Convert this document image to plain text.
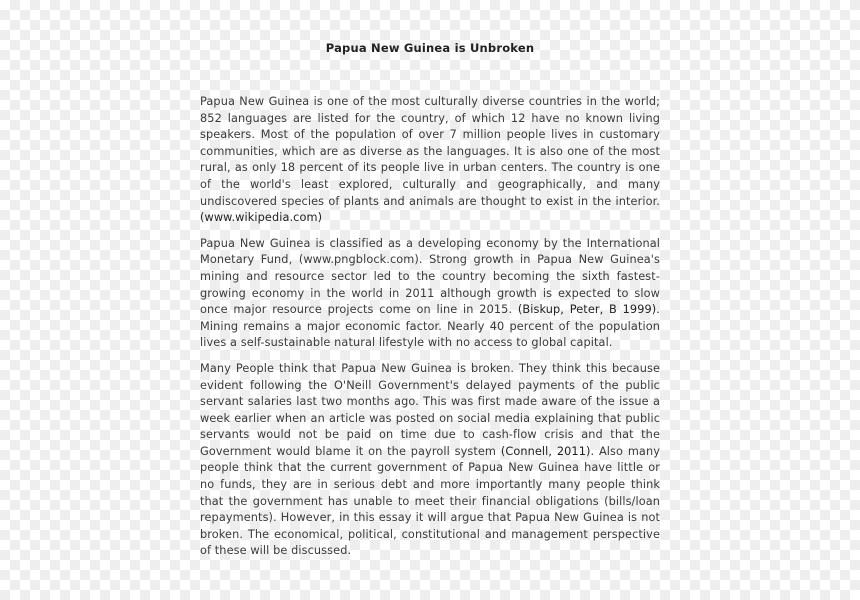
Papua New Guinea is Unbroken

Papua New Guinea is one of the most culturally diverse countries in the world; 852 languages are listed for the country, of which 12 have no known living speakers. Most of the population of over 7 million people lives in customary communities, which are as diverse as the languages. It is also one of the most rural, as only 18 percent of its people live in urban centers. The country is one of the world's least explored, culturally and geographically, and many undiscovered species of plants and animals are thought to exist in the interior. (www.wikipedia.com)

Papua New Guinea is classified as a developing economy by the International Monetary Fund, (www.pngblock.com). Strong growth in Papua New Guinea's mining and resource sector led to the country becoming the sixth fastest-growing economy in the world in 2011 although growth is expected to slow once major resource projects come on line in 2015. (Biskup, Peter, B 1999). Mining remains a major economic factor. Nearly 40 percent of the population lives a self-sustainable natural lifestyle with no access to global capital.

Many People think that Papua New Guinea is broken. They think this because evident following the O'Neill Government's delayed payments of the public servant salaries last two months ago. This was first made aware of the issue a week earlier when an article was posted on social media explaining that public servants would not be paid on time due to cash-flow crisis and that the Government would blame it on the payroll system (Connell, 2011). Also many people think that the current government of Papua New Guinea have little or no funds, they are in serious debt and more importantly many people think that the government has unable to meet their financial obligations (bills/loan repayments). However, in this essay it will argue that Papua New Guinea is not broken. The economical, political, constitutional and management perspective of these will be discussed.
